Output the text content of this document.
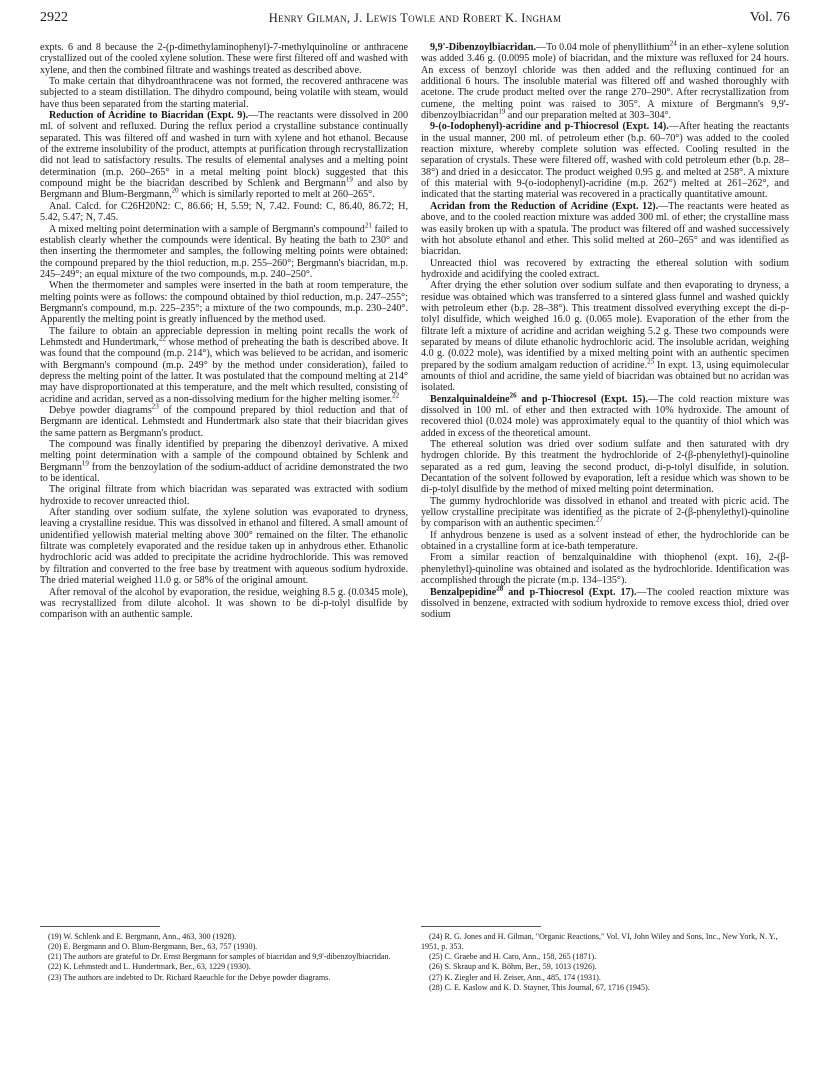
2922	Henry Gilman, J. Lewis Towle and Robert K. Ingham	Vol. 76

expts. 6 and 8 because the 2-(p-dimethylaminophenyl)-7-methylquinoline or anthracene crystallized out of the cooled xylene solution. These were first filtered off and washed with xylene, and then the combined filtrate and washings treated as described above.

To make certain that dihydroanthracene was not formed, the recovered anthracene was subjected to a steam distillation. The dihydro compound, being volatile with steam, would have thus been separated from the starting material.

Reduction of Acridine to Biacridan (Expt. 9).—The reactants were dissolved in 200 ml. of solvent and refluxed. During the reflux period a crystalline substance continually separated. This was filtered off and washed in turn with xylene and hot ethanol. Because of the extreme insolubility of the product, attempts at purification through recrystallization did not lead to satisfactory results. The results of elemental analyses and a melting point determination (m.p. 260–265° in a metal melting point block) suggested that this compound might be the biacridan described by Schlenk and Bergmann$^{19}$ and also by Bergmann and Blum-Bergmann,$^{20}$ which is similarly reported to melt at 260–265°.

Anal. Calcd. for C26H20N2: C, 86.66; H, 5.59; N, 7.42. Found: C, 86.40, 86.72; H, 5.42, 5.47; N, 7.45.

A mixed melting point determination with a sample of Bergmann's compound$^{21}$ failed to establish clearly whether the compounds were identical. By heating the bath to 230° and then inserting the thermometer and samples, the following melting points were obtained: the compound prepared by the thiol reduction, m.p. 255–260°; Bergmann's biacridan, m.p. 245–249°; an equal mixture of the two compounds, m.p. 240–250°.

When the thermometer and samples were inserted in the bath at room temperature, the melting points were as follows: the compound obtained by thiol reduction, m.p. 247–255°; Bergmann's compound, m.p. 225–235°; a mixture of the two compounds, m.p. 230–240°. Apparently the melting point is greatly influenced by the method used.

The failure to obtain an appreciable depression in melting point recalls the work of Lehmstedt and Hundertmark,$^{22}$ whose method of preheating the bath is described above. It was found that the compound (m.p. 214°), which was believed to be acridan, and isomeric with Bergmann's compound (m.p. 249° by the method under consideration), failed to depress the melting point of the latter. It was postulated that the compound melting at 214° may have disproportionated at this temperature, and the melt which resulted, consisting of acridine and acridan, served as a non-dissolving medium for the higher melting isomer.$^{22}$

Debye powder diagrams$^{23}$ of the compound prepared by thiol reduction and that of Bergmann are identical. Lehmstedt and Hundertmark also state that their biacridan gives the same pattern as Bergmann's product.

The compound was finally identified by preparing the dibenzoyl derivative. A mixed melting point determination with a sample of the compound obtained by Schlenk and Bergmann$^{19}$ from the benzoylation of the sodium-adduct of acridine demonstrated the two to be identical.

The original filtrate from which biacridan was separated was extracted with sodium hydroxide to recover unreacted thiol.

After standing over sodium sulfate, the xylene solution was evaporated to dryness, leaving a crystalline residue. This was dissolved in ethanol and filtered. A small amount of unidentified yellowish material melting above 300° remained on the filter. The ethanolic filtrate was completely evaporated and the residue taken up in anhydrous ether. Ethanolic hydrochloric acid was added to precipitate the acridine hydrochloride. This was removed by filtration and converted to the free base by treatment with aqueous sodium hydroxide. The dried material weighed 11.0 g. or 58% of the original amount.

After removal of the alcohol by evaporation, the residue, weighing 8.5 g. (0.0345 mole), was recrystallized from dilute alcohol. It was shown to be di-p-tolyl disulfide by comparison with an authentic sample.

9,9'-Dibenzoylbiacridan.—To 0.04 mole of phenyllithium$^{24}$ in an ether–xylene solution was added 3.46 g. (0.0095 mole) of biacridan, and the mixture was refluxed for 24 hours. An excess of benzoyl chloride was then added and the refluxing continued for an additional 6 hours. The insoluble material was filtered off and washed thoroughly with acetone. The crude product melted over the range 270–290°. After recrystallization from cumene, the melting point was raised to 305°. A mixture of Bergmann's 9,9'-dibenzoylbiacridan$^{19}$ and our preparation melted at 303–304°.

9-(o-Iodophenyl)-acridine and p-Thiocresol (Expt. 14).—After heating the reactants in the usual manner, 200 ml. of petroleum ether (b.p. 60–70°) was added to the cooled reaction mixture, whereby complete solution was effected. Cooling resulted in the separation of crystals. These were filtered off, washed with cold petroleum ether (b.p. 28–38°) and dried in a desiccator. The product weighed 0.95 g. and melted at 258°. A mixture of this material with 9-(o-iodophenyl)-acridine (m.p. 262°) melted at 261–262°, and indicated that the starting material was recovered in a practically quantitative amount.

Acridan from the Reduction of Acridine (Expt. 12).—The reactants were heated as above, and to the cooled reaction mixture was added 300 ml. of ether; the crystalline mass was easily broken up with a spatula. The product was filtered off and washed successively with hot absolute ethanol and ether. This solid melted at 260–265° and was identified as biacridan.

Unreacted thiol was recovered by extracting the ethereal solution with sodium hydroxide and acidifying the cooled extract.

After drying the ether solution over sodium sulfate and then evaporating to dryness, a residue was obtained which was transferred to a sintered glass funnel and washed quickly with petroleum ether (b.p. 28–38°). This treatment dissolved everything except the di-p-tolyl disulfide, which weighed 16.0 g. (0.065 mole). Evaporation of the ether from the filtrate left a mixture of acridine and acridan weighing 5.2 g. These two compounds were separated by means of dilute ethanolic hydrochloric acid. The insoluble acridan, weighing 4.0 g. (0.022 mole), was identified by a mixed melting point with an authentic specimen prepared by the sodium amalgam reduction of acridine.$^{25}$ In expt. 13, using equimolecular amounts of thiol and acridine, the same yield of biacridan was obtained but no acridan was isolated.

Benzalquinaldeine$^{26}$ and p-Thiocresol (Expt. 15).—The cold reaction mixture was dissolved in 100 ml. of ether and then extracted with 10% hydroxide. The amount of recovered thiol (0.024 mole) was approximately equal to the quantity of thiol which was added in excess of the theoretical amount.

The ethereal solution was dried over sodium sulfate and then saturated with dry hydrogen chloride. By this treatment the hydrochloride of 2-(β-phenylethyl)-quinoline separated as a red gum, leaving the second product, di-p-tolyl disulfide, in solution. Decantation of the solvent followed by evaporation, left a residue which was shown to be di-p-tolyl disulfide by the method of mixed melting point determination.

The gummy hydrochloride was dissolved in ethanol and treated with picric acid. The yellow crystalline precipitate was identified as the picrate of 2-(β-phenylethyl)-quinoline by comparison with an authentic specimen.$^{27}$

If anhydrous benzene is used as a solvent instead of ether, the hydrochloride can be obtained in a crystalline form at ice-bath temperature.

From a similar reaction of benzalquinaldine with thiophenol (expt. 16), 2-(β-phenylethyl)-quinoline was obtained and isolated as the hydrochloride. Identification was accomplished through the picrate (m.p. 134–135°).

Benzalpepidine$^{28}$ and p-Thiocresol (Expt. 17).—The cooled reaction mixture was dissolved in benzene, extracted with sodium hydroxide to remove excess thiol, dried over sodium

(19) W. Schlenk and E. Bergmann, Ann., 463, 300 (1928).
(20) E. Bergmann and O. Blum-Bergmann, Ber., 63, 757 (1930).
(21) The authors are grateful to Dr. Ernst Bergmann for samples of biacridan and 9,9'-dibenzoylbiacridan.
(22) K. Lehmstedt and L. Hundertmark, Ber., 63, 1229 (1930).
(23) The authors are indebted to Dr. Richard Raeuchle for the Debye powder diagrams.
(24) R. G. Jones and H. Gilman, "Organic Reactions," Vol. VI, John Wiley and Sons, Inc., New York, N. Y., 1951, p. 353.
(25) C. Graebe and H. Caro, Ann., 158, 265 (1871).
(26) S. Skraup and K. Böhm, Ber., 59, 1013 (1926).
(27) K. Ziegler and H. Zeiser, Ann., 485, 174 (1931).
(28) C. E. Kaslow and K. D. Stayner, This Journal, 67, 1716 (1945).
